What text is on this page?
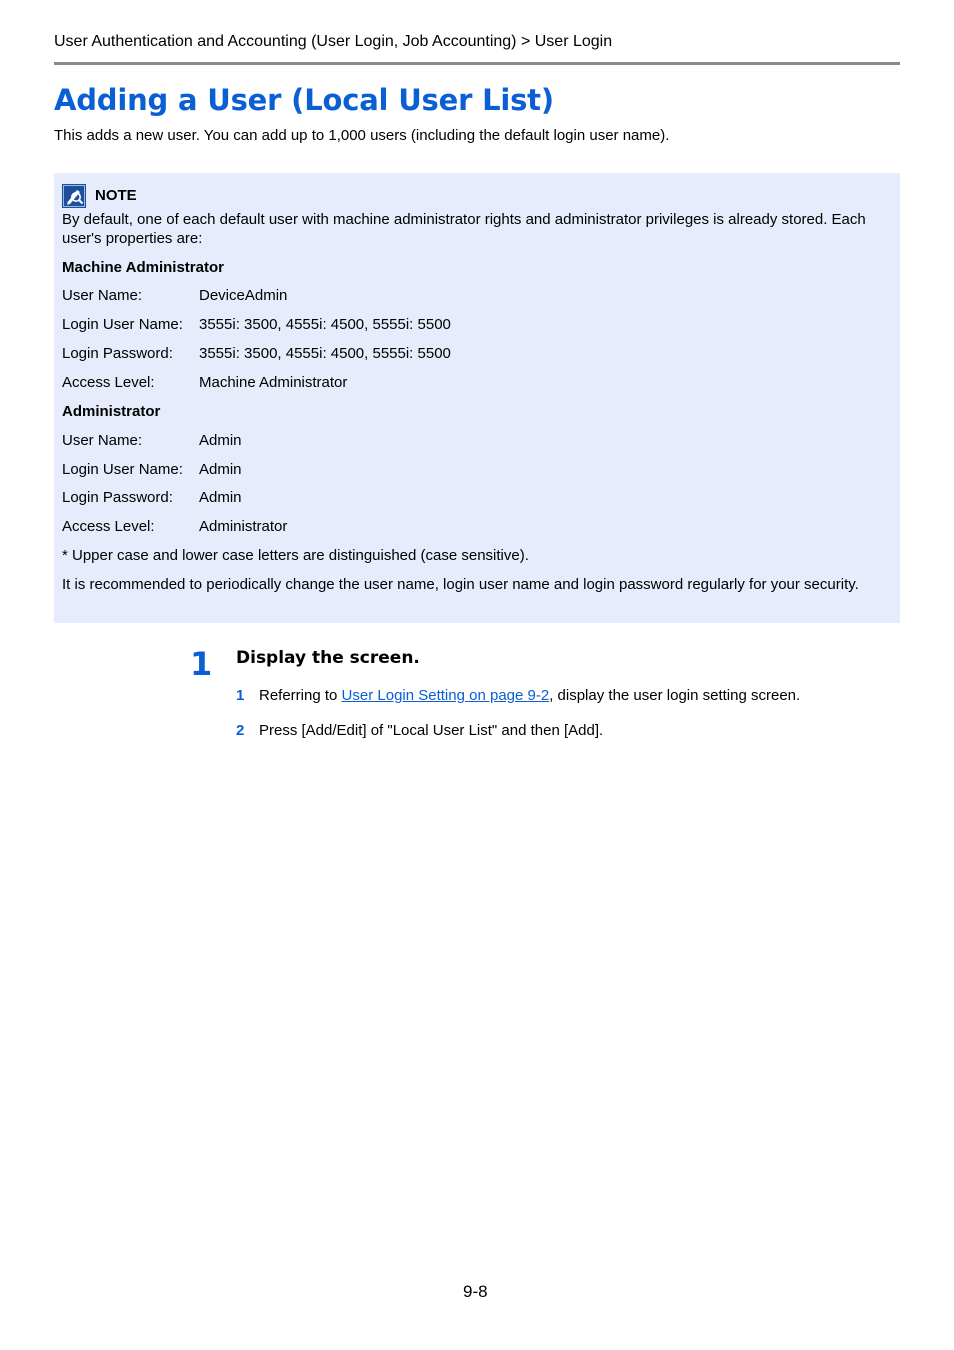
User Authentication and Accounting (User Login, Job Accounting) > User Login
Adding a User (Local User List)
This adds a new user. You can add up to 1,000 users (including the default login user name).
NOTE
By default, one of each default user with machine administrator rights and administrator privileges is already stored. Each user's properties are:
Machine Administrator
User Name:	DeviceAdmin
Login User Name: 3555i: 3500, 4555i: 4500, 5555i: 5500
Login Password: 3555i: 3500, 4555i: 4500, 5555i: 5500
Access Level:	Machine Administrator
Administrator
User Name:	Admin
Login User Name: Admin
Login Password: Admin
Access Level:	Administrator
* Upper case and lower case letters are distinguished (case sensitive).
It is recommended to periodically change the user name, login user name and login password regularly for your security.
1 Display the screen.
1 Referring to User Login Setting on page 9-2, display the user login setting screen.
2 Press [Add/Edit] of "Local User List" and then [Add].
9-8
